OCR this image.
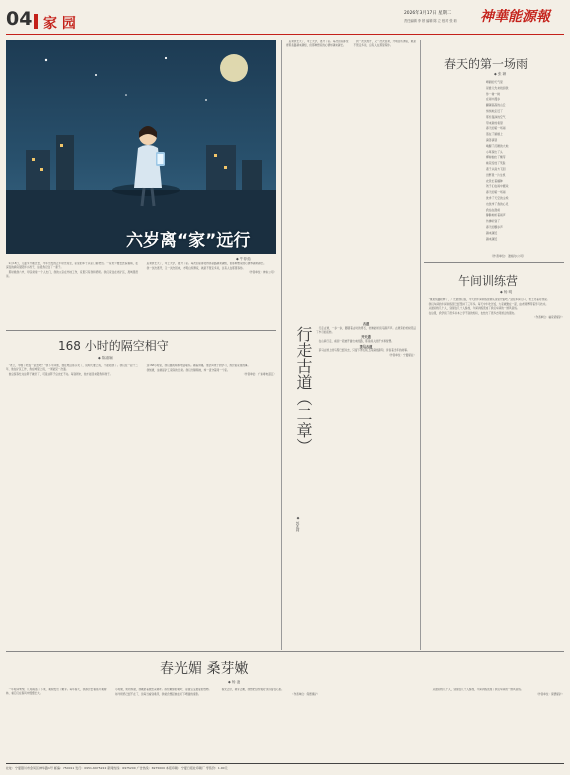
04 家 园
2026年3月17日 星期二
责任编辑 李 婷 编辑 陈 立 校对 张 莉 神華能源報
六岁离“家”远行
◆ 牛荐茹

2月18日，儿童节才刚过去，今年出发的正午时光将至，家里的车子从家门前驶出。一家老少要去医院看病，在深夜的病房里陪伴小孩子，这段我记住了一辈子。

那时候我六岁，母亲常常一个人出门，我的父亲在外地工作，家里只有我和奶奶。我们家住在老矿区，离城里很远。

后来我长大了，考上大学，离开了家。每次回家都觉得那条路越来越短，但那种想家的心情却越来越长。

我一次次离开，又一次次回来，才明白所谓家，就是不管走多远，总有人在那里等你。

（作者单位：神东公司）

168 小时的隔空相守
◆ 陈淑娴

“老公，今晚了吃饭一起去吧？”我下午问他，他在电话那头笑了，说明天要上班，不能陪我了。我们在一起十二年，他在矿区工作，我在城里上班，一周能见一次面。

他总说等忙完这阵子就好了，可是这阵子总也忙不完。每到周末，他才能回来陪我和孩子。

这168小时里，我们靠视频和电话联系。隔着屏幕，他会问孩子的学习，我会说家里的事。

我知道，这就是矿工家庭的日常。我们分隔两地，却一直守着同一个家。

（作者单位：广东粤电湛江） 行走古道（二章）
◆ 郭兆利

古道

行走古道，一步一步，脚踏着古时的青石，仿佛能听到马蹄声声。古道旁的老树见证了岁月的流转。

开天道

在山间行走，看到一段被开凿出来的路，那是前人的汗水和智慧。

茶马古道

茶马古道上的马帮已经远去，只留下青石板上深深的蹄印，诉说着当年的故事。

（作者单位：宁夏煤业）

后来我长大了，考上大学，离开了家。每次回家都觉得那条路越来越短，但那种想家的心情却越来越长。

我一次次离开，又一次次回来，才明白所谓家，就是不管走多远，总有人在那里等你。

春天的第一场雨
◆ 张 翀
晴朗的天气里
是谁儿先来找到我
你一树一树
在雨中漫步
翻越高高的山丘
悄悄地走近了
那些湿润的空气
带来新的希望
春天的第一场雨
落在了屋檐上
滴答滴答
唤醒了沉睡的大地
小草探出了头
柳树抽出了嫩芽
桃花绽放了笑脸
燕子从南方飞回
田野里一片生机
农民忙着播种
孩子们在雨中嬉戏
春天的第一场雨
洗净了天空的尘埃
也洗净了我的心灵
我站在窗前
静静地听着雨声
仿佛听到了
春天的脚步声
越来越近
越来越近
（作者单位：准格尔公司）
午间训练营
◆ 杨 明

“煤炭线路检修了，厂长跟我们说，今天的午间训练营就从这里开始吧。”站在车间门口，老王笑着对我说。

我们车间的午间训练营已经坚持了三年多。每天中午吃过饭，大家就聚在一起，由老师傅带着学习技术。

从最初的几个人，到现在几十人参加，午间训练营成了我们车间的一道风景线。

在这里，我学到了很多书本上学不到的知识，也结交了很多志同道合的朋友。

（作者单位：榆家梁煤矿）

春光媚 桑芽嫩
◆ 杨 凌

一年时间匆匆，几场雨落了下来，桑树发出了嫩芽。每年春天，我都会去看那片桑树林，看它们在春风中慢慢长大。

小时候，奶奶养蚕，我就跟着她去采桑叶。那些嫩绿的桑叶，是蚕宝宝最爱的食物。

如今奶奶已经不在了，但每当看到桑芽，我就会想起她在灯下喂蚕的身影。

春光正好，桑芽正嫩，我想把这份美好永远留在心里。

（作者单位：保德煤矿）

从最初的几个人，到现在几十人参加，午间训练营成了我们车间的一道风景线。

（作者单位：保德煤矿）

社址：宁夏银川市金凤区神华路1号 邮编：750011 发行：0951-6975222 新闻热线：6975200 广告热线：6975000 本报印刷：宁夏日报社印刷厂 零售价：1.00元
